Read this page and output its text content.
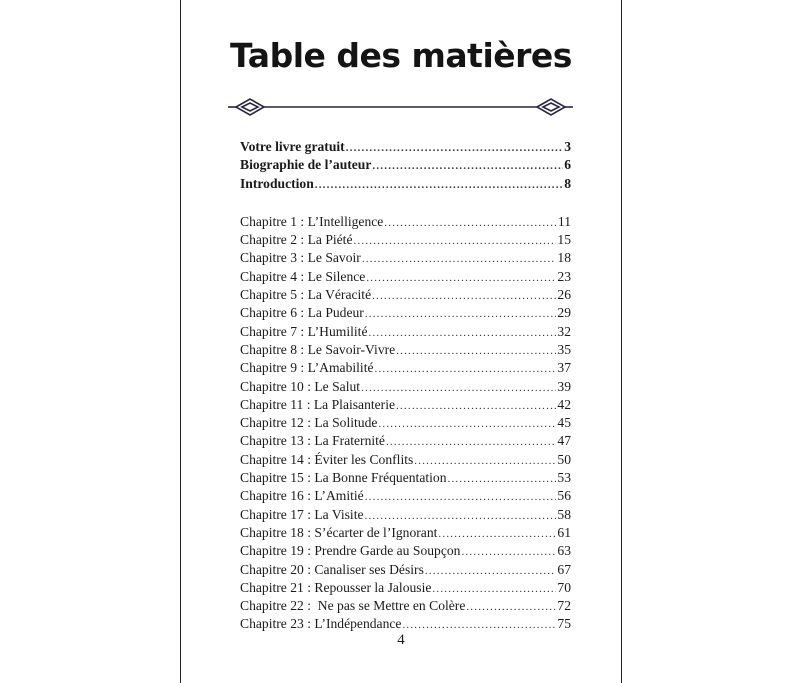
Table des matières
Votre livre gratuit .....	3
Biographie de l’auteur .....	6
Introduction .....	8
Chapitre 1 : L’Intelligence .....	11
Chapitre 2 : La Piété .....	15
Chapitre 3 : Le Savoir .....	18
Chapitre 4 : Le Silence .....	23
Chapitre 5 : La Véracité .....	26
Chapitre 6 : La Pudeur .....	29
Chapitre 7 : L’Humilité .....	32
Chapitre 8 : Le Savoir-Vivre .....	35
Chapitre 9 : L’Amabilité .....	37
Chapitre 10 : Le Salut .....	39
Chapitre 11 : La Plaisanterie .....	42
Chapitre 12 : La Solitude .....	45
Chapitre 13 : La Fraternité .....	47
Chapitre 14 : Éviter les Conflits .....	50
Chapitre 15 : La Bonne Fréquentation .....	53
Chapitre 16 : L’Amitié .....	56
Chapitre 17 : La Visite .....	58
Chapitre 18 : S’écarter de l’Ignorant .....	61
Chapitre 19 : Prendre Garde au Soupçon .....	63
Chapitre 20 : Canaliser ses Désirs .....	67
Chapitre 21 : Repousser la Jalousie .....	70
Chapitre 22 :  Ne pas se Mettre en Colère .....	72
Chapitre 23 : L’Indépendance .....	75
4
